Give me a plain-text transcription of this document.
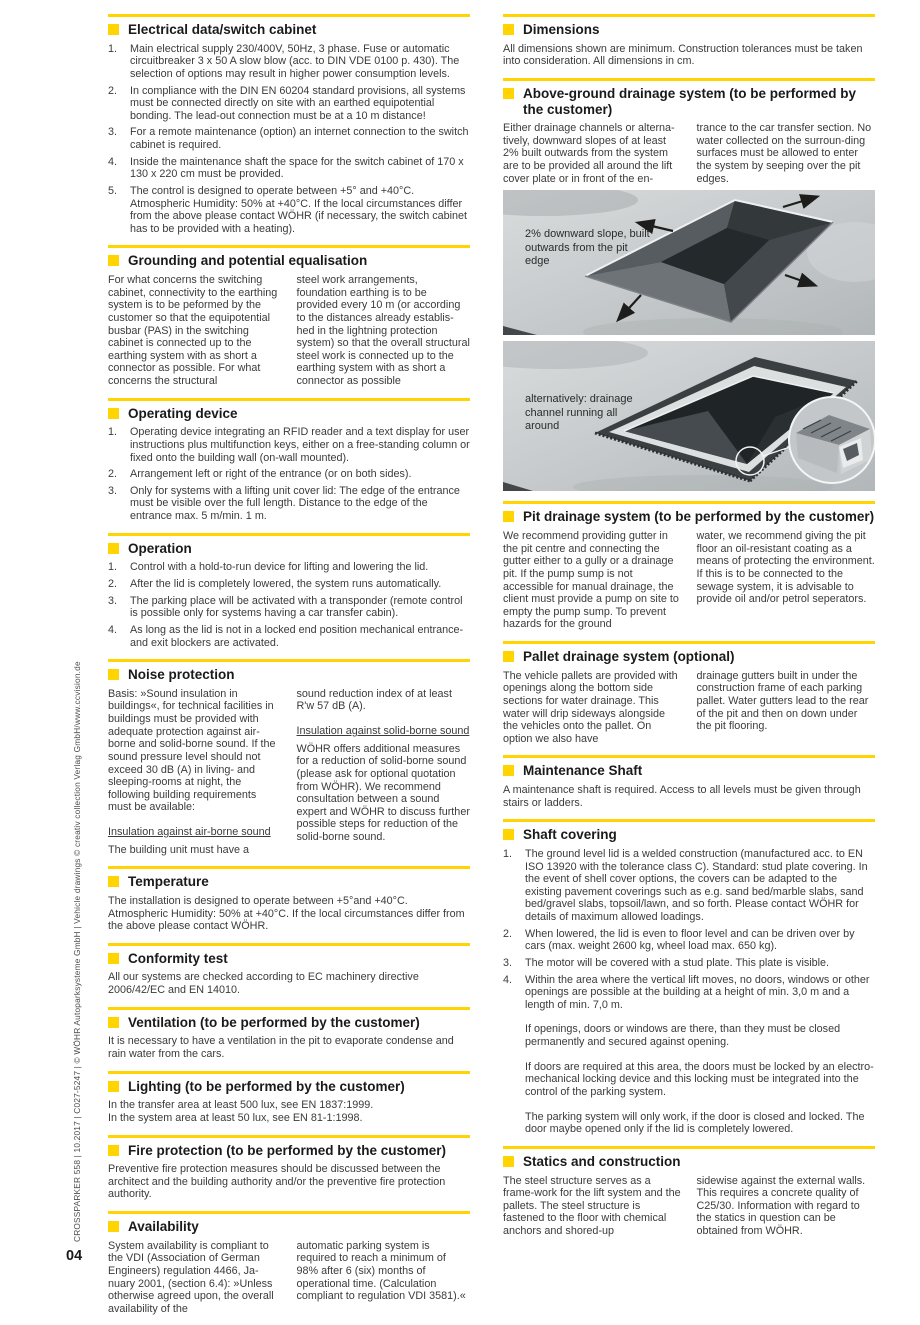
Electrical data/switch cabinet
Main electrical supply 230/400V, 50Hz, 3 phase. Fuse or automatic circuitbreaker 3 x 50 A slow blow (acc. to DIN VDE 0100 p. 430). The selection of options may result in higher power consumption levels.
In compliance with the DIN EN 60204 standard provisions, all systems must be connected directly on site with an earthed equipotential bonding. The lead-out connection must be at a 10 m distance!
For a remote maintenance (option) an internet connection to the switch cabinet is required.
Inside the maintenance shaft the space for the switch cabinet of 170 x 130 x 220 cm must be provided.
The control is designed to operate between +5° and +40°C. Atmospheric Humidity: 50% at +40°C. If the local circumstances differ from the above please contact WÖHR (if necessary, the switch cabinet has to be provided with a heating).
Grounding and potential equalisation
For what concerns the switching cabinet, connectivity to the earthing system is to be peformed by the customer so that the equipotential busbar (PAS) in the switching cabinet is connected up to the earthing system with as short a connector as possible. For what concerns the structural
steel work arrangements, foundation earthing is to be provided every 10 m (or according to the distances already establis-hed in the lightning protection system) so that the overall structural steel work is connected up to the earthing system with as short a connector as possible
Operating device
Operating device integrating an RFID reader and a text display for user instructions plus multifunction keys, either on a free-standing column or fixed onto the building wall (on-wall mounted).
Arrangement left or right of the entrance (or on both sides).
Only for systems with a lifting unit cover lid: The edge of the entrance must be visible over the full length. Distance to the edge of the entrance max. 5 m/min. 1 m.
Operation
Control with a hold-to-run device for lifting and lowering the lid.
After the lid is completely lowered, the system runs automatically.
The parking place will be activated with a transponder (remote control is possible only for systems having a car transfer cabin).
As long as the lid is not in a locked end position mechanical entrance- and exit blockers are activated.
Noise protection

Basis: »Sound insulation in buildings«, for technical facilities in buildings must be provided with adequate protection against air-borne and solid-borne sound. If the sound pressure level should not exceed 30 dB (A) in living- and sleeping-rooms at night, the following building requirements must be available:

Insulation against air-borne sound

The building unit must have a

sound reduction index of at least R'w 57 dB (A).

Insulation against solid-borne sound

WÖHR offers additional measures for a reduction of solid-borne sound (please ask for optional quotation from WÖHR). We recommend consultation between a sound expert and WÖHR to discuss further possible steps for reduction of the solid-borne sound.

Temperature
The installation is designed to operate between +5°and +40°C. Atmospheric Humidity: 50% at +40°C. If the local circumstances differ from the above please contact WÖHR.
Conformity test
All our systems are checked according to EC machinery directive 2006/42/EC and EN 14010.
Ventilation (to be performed by the customer)
It is necessary to have a ventilation in the pit to evaporate condense and rain water from the cars.
Lighting (to be performed by the customer)

In the transfer area at least 500 lux, see EN 1837:1999.

In the system area at least 50 lux, see EN 81-1:1998.

Fire protection (to be performed by the customer)
Preventive fire protection measures should be discussed between the architect and the building authority and/or the preventive fire protection authority.
Availability
System availability is compliant to the VDI (Association of German Engineers) regulation 4466, Ja-nuary 2001, (section 6.4): »Unless otherwise agreed upon, the overall availability of the
automatic parking system is required to reach a minimum of 98% after 6 (six) months of operational time. (Calculation compliant to regulation VDI 3581).«
Dimensions
All dimensions shown are minimum. Construction tolerances must be taken into consideration. All dimensions in cm.
Above-ground drainage system (to be performed by the customer)
Either drainage channels or alterna-tively, downward slopes of at least 2% built outwards from the system are to be provided all around the lift cover plate or in front of the en-
trance to the car transfer section. No water collected on the surroun-ding surfaces must be allowed to enter the system by seeping over the pit edges.
2% downward slope, built outwards from the pit edge
alternatively: drainage channel running all around
Pit drainage system (to be performed by the customer)
We recommend providing gutter in the pit centre and connecting the gutter either to a gully or a drainage pit. If the pump sump is not accessible for manual drainage, the client must provide a pump on site to empty the pump sump. To prevent hazards for the ground
water, we recommend giving the pit floor an oil-resistant coating as a means of protecting the environment. If this is to be connected to the sewage system, it is advisable to provide oil and/or petrol seperators.
Pallet drainage system (optional)
The vehicle pallets are provided with openings along the bottom side sections for water drainage. This water will drip sideways alongside the vehicles onto the pallet. On option we also have
drainage gutters built in under the construction frame of each parking pallet. Water gutters lead to the rear of the pit and then on down under the pit flooring.
Maintenance Shaft
A maintenance shaft is required. Access to all levels must be given through stairs or ladders.
Shaft covering
The ground level lid is a welded construction (manufactured acc. to EN ISO 13920 with the tolerance class C). Standard: stud plate covering. In the event of shell cover options, the covers can be adapted to the existing pavement coverings such as e.g. sand bed/marble slabs, sand bed/gravel slabs, topsoil/lawn, and so forth. Please contact WÖHR for details of maximum allowed loadings.
When lowered, the lid is even to floor level and can be driven over by cars (max. weight 2600 kg, wheel load max. 650 kg).
The motor will be covered with a stud plate. This plate is visible.

Within the area where the vertical lift moves, no doors, windows or other openings are possible at the building at a height of min. 3,0 m and a length of min. 7,0 m.

If openings, doors or windows are there, than they must be closed permanently and secured against opening.

If doors are required at this area, the doors must be locked by an electro-mechanical locking device and this locking must be integrated into the control of the parking system.

The parking system will only work, if the door is closed and locked. The door maybe opened only if the lid is completely lowered.

Statics and construction
The steel structure serves as a frame-work for the lift system and the pallets. The steel structure is fastened to the floor with chemical anchors and shored-up
sidewise against the external walls. This requires a concrete quality of C25/30. Information with regard to the statics in question can be obtained from WÖHR.
CROSSPARKER 558 | 10.2017 | C027-5247 | © WÖHR Autoparksysteme GmbH | Vehicle drawings © creativ collection Verlag GmbH/www.ccvision.de
04
